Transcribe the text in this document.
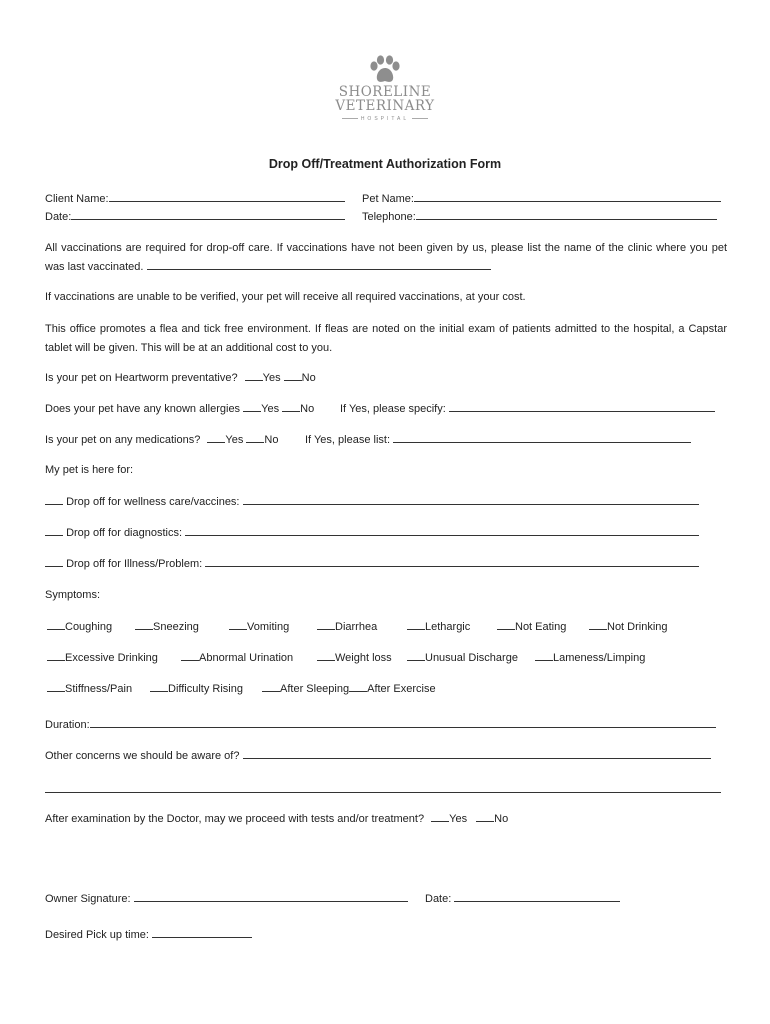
SHORELINE
VETERINARY
HOSPITAL
Drop Off/Treatment Authorization Form
Client Name:	Pet Name:
Date:	Telephone:
All vaccinations are required for drop-off care. If vaccinations have not been given by us, please list the name of the clinic where you pet was last vaccinated.
If vaccinations are unable to be verified, your pet will receive all required vaccinations, at your cost.
This office promotes a flea and tick free environment. If fleas are noted on the initial exam of patients admitted to the hospital, a Capstar tablet will be given. This will be at an additional cost to you.
Is your pet on Heartworm preventative? Yes No
Does your pet have any known allergies Yes No If Yes, please specify:
Is your pet on any medications? Yes No If Yes, please list:
My pet is here for:
Drop off for wellness care/vaccines:
Drop off for diagnostics:
Drop off for Illness/Problem:
Symptoms:
Coughing	Sneezing	Vomiting	Diarrhea	Lethargic	Not Eating	Not Drinking
Excessive Drinking	Abnormal Urination	Weight loss	Unusual Discharge	Lameness/Limping
Stiffness/Pain	Difficulty Rising	After Sleeping After Exercise
Duration:
Other concerns we should be aware of?
After examination by the Doctor, may we proceed with tests and/or treatment? Yes No
Owner Signature:	Date:
Desired Pick up time:
